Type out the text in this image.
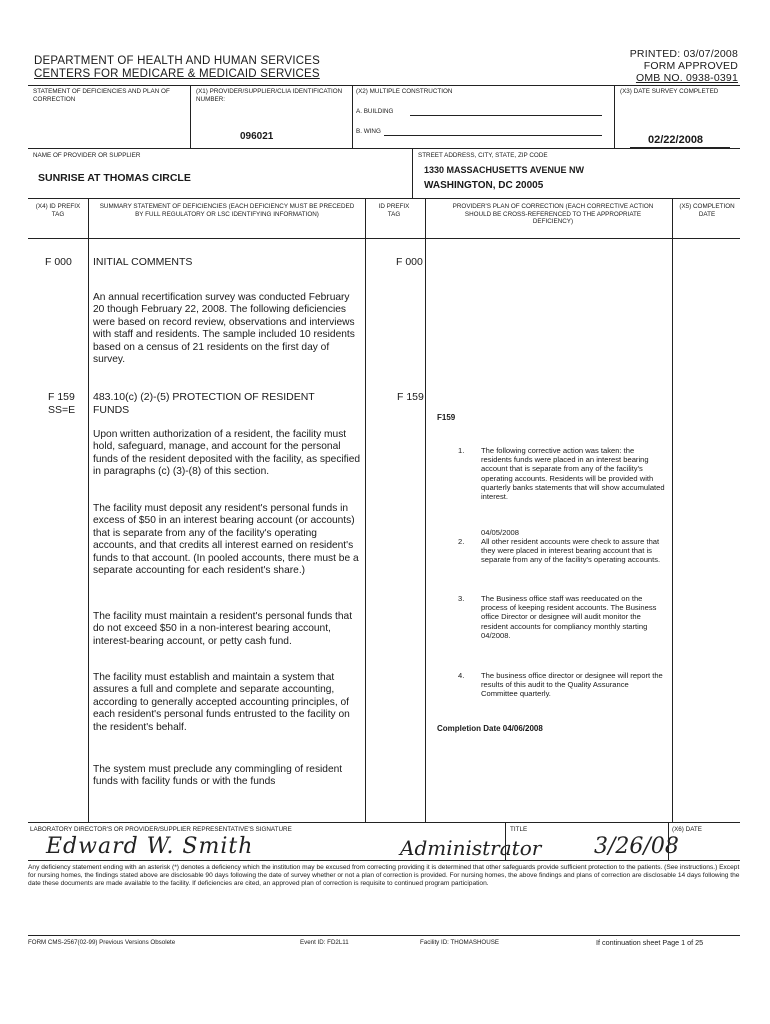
DEPARTMENT OF HEALTH AND HUMAN SERVICES
CENTERS FOR MEDICARE & MEDICAID SERVICES
PRINTED: 03/07/2008
FORM APPROVED
OMB NO. 0938-0391
STATEMENT OF DEFICIENCIES AND PLAN OF CORRECTION
(X1) PROVIDER/SUPPLIER/CLIA IDENTIFICATION NUMBER:
096021
(X2) MULTIPLE CONSTRUCTION
A. BUILDING
B. WING
(X3) DATE SURVEY COMPLETED
02/22/2008
NAME OF PROVIDER OR SUPPLIER
SUNRISE AT THOMAS CIRCLE
STREET ADDRESS, CITY, STATE, ZIP CODE
1330 MASSACHUSETTS AVENUE NW
WASHINGTON, DC 20005
(X4) ID PREFIX TAG
SUMMARY STATEMENT OF DEFICIENCIES (EACH DEFICIENCY MUST BE PRECEDED BY FULL REGULATORY OR LSC IDENTIFYING INFORMATION)
ID PREFIX TAG
PROVIDER'S PLAN OF CORRECTION (EACH CORRECTIVE ACTION SHOULD BE CROSS-REFERENCED TO THE APPROPRIATE DEFICIENCY)
(X5) COMPLETION DATE
F 000 INITIAL COMMENTS	F 000
An annual recertification survey was conducted February 20 though February 22, 2008. The following deficiencies were based on record review, observations and interviews with staff and residents. The sample included 10 residents based on a census of 21 residents on the first day of survey.
F 159
SS=E
483.10(c) (2)-(5) PROTECTION OF RESIDENT
FUNDS
F 159
Upon written authorization of a resident, the facility must hold, safeguard, manage, and account for the personal funds of the resident deposited with the facility, as specified in paragraphs (c) (3)-(8) of this section.
The facility must deposit any resident's personal funds in excess of $50 in an interest bearing account (or accounts) that is separate from any of the facility's operating accounts, and that credits all interest earned on resident's funds to that account. (In pooled accounts, there must be a separate accounting for each resident's share.)
The facility must maintain a resident's personal funds that do not exceed $50 in a non-interest bearing account, interest-bearing account, or petty cash fund.
The facility must establish and maintain a system that assures a full and complete and separate accounting, according to generally accepted accounting principles, of each resident's personal funds entrusted to the facility on the resident's behalf.
The system must preclude any commingling of resident funds with facility funds or with the funds
F159
1. The following corrective action was taken: the residents funds were placed in an interest bearing account that is separate from any of the facility's operating accounts. Residents will be provided with quarterly banks statements that will show accumulated interest.
04/05/2008
2. All other resident accounts were check to assure that they were placed in interest bearing account that is separate from any of the facility's operating accounts.
3. The Business office staff was reeducated on the process of keeping resident accounts. The Business office Director or designee will audit monitor the resident accounts for compliancy monthly starting 04/2008.
4. The business office director or designee will report the results of this audit to the Quality Assurance Committee quarterly.
Completion Date 04/06/2008
LABORATORY DIRECTOR'S OR PROVIDER/SUPPLIER REPRESENTATIVE'S SIGNATURE	TITLE	(X6) DATE
Edward W. Smith	Administrator 3/26/08
Any deficiency statement ending with an asterisk (*) denotes a deficiency which the institution may be excused from correcting providing it is determined that other safeguards provide sufficient protection to the patients. (See instructions.) Except for nursing homes, the findings stated above are disclosable 90 days following the date of survey whether or not a plan of correction is provided. For nursing homes, the above findings and plans of correction are disclosable 14 days following the date these documents are made available to the facility. If deficiencies are cited, an approved plan of correction is requisite to continued program participation.
FORM CMS-2567(02-99) Previous Versions Obsolete	Event ID: FD2L11	Facility ID: THOMASHOUSE	If continuation sheet Page 1 of 25
